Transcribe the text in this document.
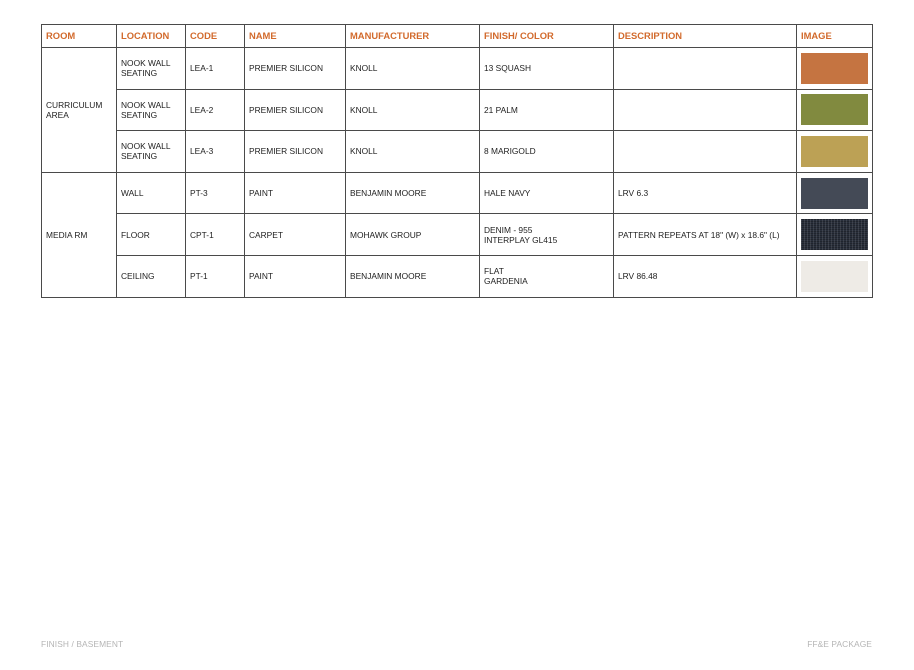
ROOM	LOCATION	CODE	NAME	MANUFACTURER	FINISH/ COLOR	DESCRIPTION	IMAGE
CURRICULUM AREA	NOOK WALL SEATING	LEA-1	PREMIER SILICON	KNOLL	13 SQUASH

	NOOK WALL SEATING	LEA-2	PREMIER SILICON	KNOLL	21 PALM

	NOOK WALL SEATING	LEA-3	PREMIER SILICON	KNOLL	8 MARIGOLD

MEDIA RM	WALL	PT-3	PAINT	BENJAMIN MOORE	HALE NAVY	LRV 6.3	

	FLOOR	CPT-1	CARPET	MOHAWK GROUP	DENIM - 955
INTERPLAY GL415	PATTERN REPEATS AT 18" (W) x 18.6" (L)	

	CEILING	PT-1	PAINT	BENJAMIN MOORE	FLAT
GARDENIA	LRV 86.48	
FINISH / BASEMENT	FF&E PACKAGE
